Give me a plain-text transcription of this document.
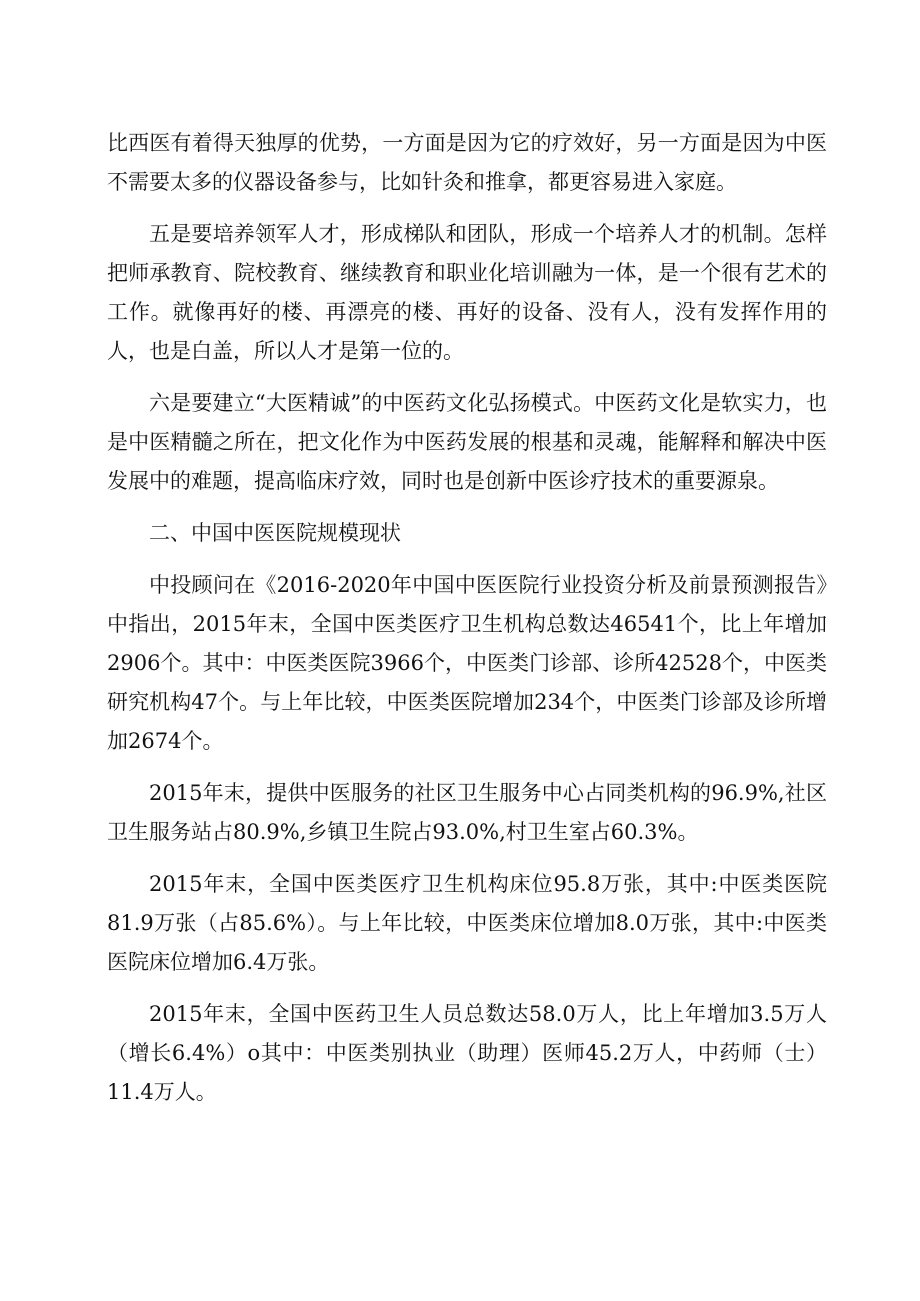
比西医有着得天独厚的优势，一方面是因为它的疗效好，另一方面是因为中医不需要太多的仪器设备参与，比如针灸和推拿，都更容易进入家庭。

五是要培养领军人才，形成梯队和团队，形成一个培养人才的机制。怎样把师承教育、院校教育、继续教育和职业化培训融为一体，是一个很有艺术的工作。就像再好的楼、再漂亮的楼、再好的设备、没有人，没有发挥作用的人，也是白盖，所以人才是第一位的。

六是要建立“大医精诚”的中医药文化弘扬模式。中医药文化是软实力，也是中医精髓之所在，把文化作为中医药发展的根基和灵魂，能解释和解决中医发展中的难题，提高临床疗效，同时也是创新中医诊疗技术的重要源泉。

二、中国中医医院规模现状

中投顾问在《2016-2020年中国中医医院行业投资分析及前景预测报告》中指出，2015年末，全国中医类医疗卫生机构总数达46541个，比上年增加2906个。其中：中医类医院3966个，中医类门诊部、诊所42528个，中医类研究机构47个。与上年比较，中医类医院增加234个，中医类门诊部及诊所增加2674个。

2015年末，提供中医服务的社区卫生服务中心占同类机构的96.9%,社区卫生服务站占80.9%,乡镇卫生院占93.0%,村卫生室占60.3%。

2015年末，全国中医类医疗卫生机构床位95.8万张，其中:中医类医院81.9万张（占85.6%）。与上年比较，中医类床位增加8.0万张，其中:中医类医院床位增加6.4万张。

2015年末，全国中医药卫生人员总数达58.0万人，比上年增加3.5万人（增长6.4%）o其中：中医类别执业（助理）医师45.2万人，中药师（士）11.4万人。
